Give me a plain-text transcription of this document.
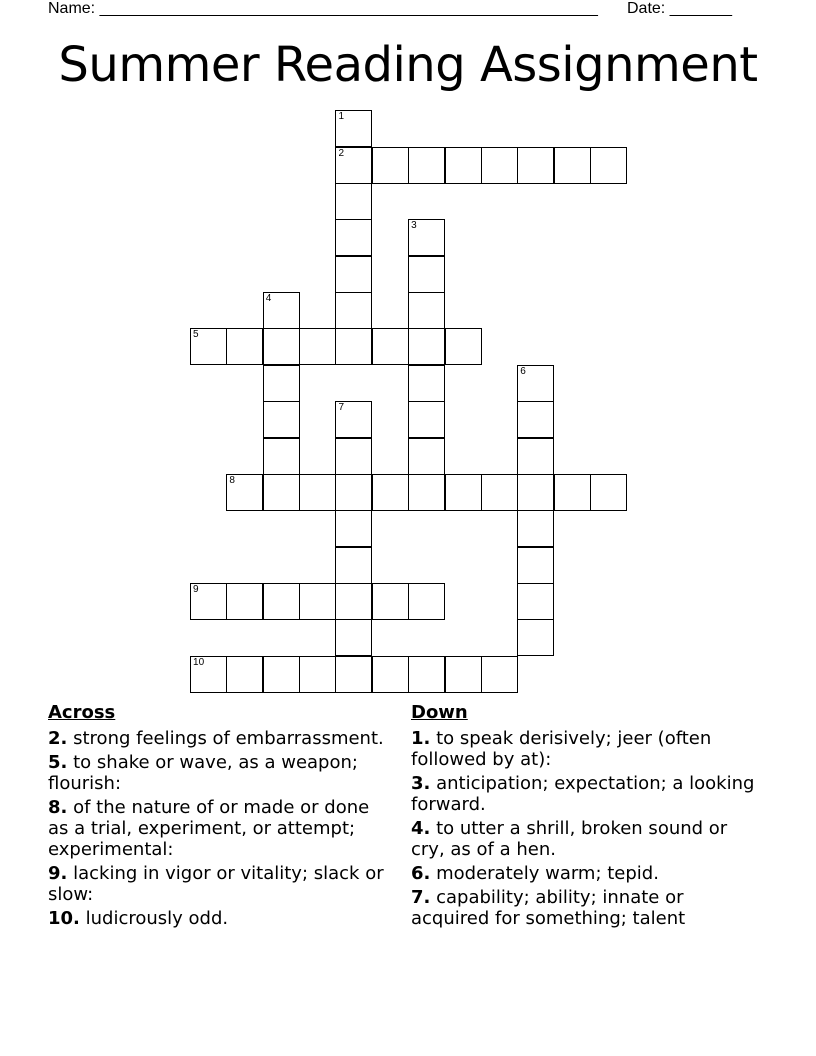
Name: ________________________________________________________ Date: _______
Summer Reading Assignment
1
2
3
4
5
6
7
8
9
10
Across
2. strong feelings of embarrassment.
5. to shake or wave, as a weapon; flourish:
8. of the nature of or made or done as a trial, experiment, or attempt; experimental:
9. lacking in vigor or vitality; slack or slow:
10. ludicrously odd.
Down
1. to speak derisively; jeer (often followed by at):
3. anticipation; expectation; a looking forward.
4. to utter a shrill, broken sound or cry, as of a hen.
6. moderately warm; tepid.
7. capability; ability; innate or acquired for something; talent
